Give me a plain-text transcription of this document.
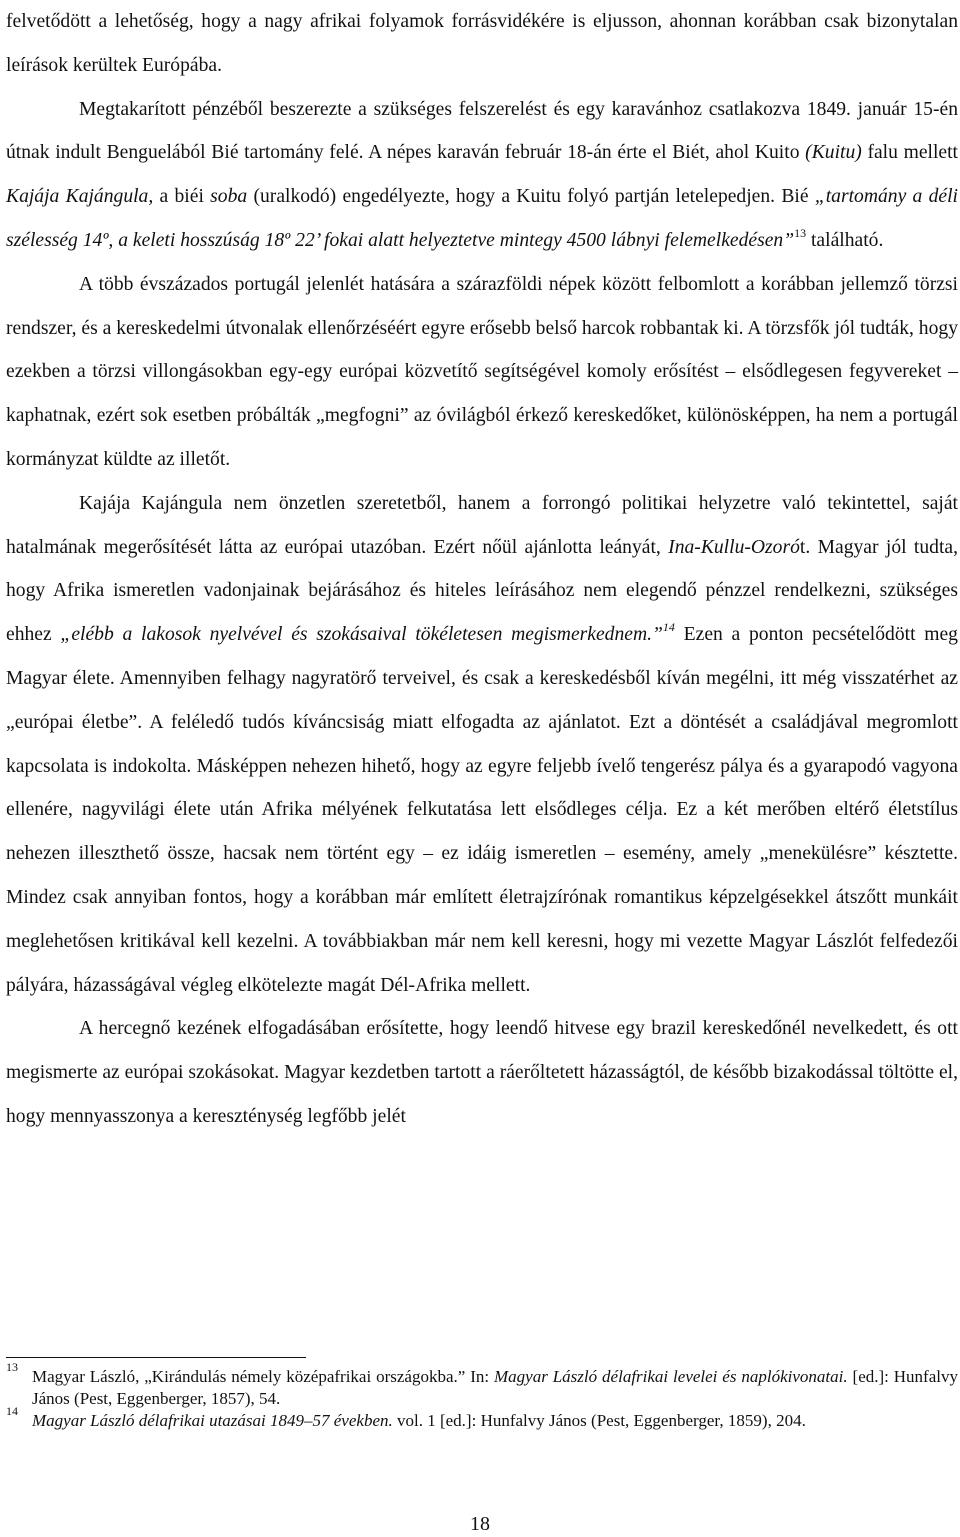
felvetődött a lehetőség, hogy a nagy afrikai folyamok forrásvidékére is eljusson, ahonnan korábban csak bizonytalan leírások kerültek Európába.

Megtakarított pénzéből beszerezte a szükséges felszerelést és egy karavánhoz csatlakozva 1849. január 15-én útnak indult Benguelából Bié tartomány felé. A népes karaván február 18-án érte el Biét, ahol Kuito (Kuitu) falu mellett Kajája Kajángula, a biéi soba (uralkodó) engedélyezte, hogy a Kuitu folyó partján letelepedjen. Bié „tartomány a déli szélesség 14º, a keleti hosszúság 18º 22’ fokai alatt helyeztetve mintegy 4500 lábnyi felemelkedésen”$^{13}$ található.

A több évszázados portugál jelenlét hatására a szárazföldi népek között felbomlott a korábban jellemző törzsi rendszer, és a kereskedelmi útvonalak ellenőrzéséért egyre erősebb belső harcok robbantak ki. A törzsfők jól tudták, hogy ezekben a törzsi villongásokban egy-egy európai közvetítő segítségével komoly erősítést – elsődlegesen fegyvereket – kaphatnak, ezért sok esetben próbálták „megfogni” az óvilágból érkező kereskedőket, különösképpen, ha nem a portugál kormányzat küldte az illetőt.

Kajája Kajángula nem önzetlen szeretetből, hanem a forrongó politikai helyzetre való tekintettel, saját hatalmának megerősítését látta az európai utazóban. Ezért nőül ajánlotta leányát, Ina-Kullu-Ozorót. Magyar jól tudta, hogy Afrika ismeretlen vadonjainak bejárásához és hiteles leírásához nem elegendő pénzzel rendelkezni, szükséges ehhez „elébb a lakosok nyelvével és szokásaival tökéletesen megismerkednem.”$^{14}$ Ezen a ponton pecsételődött meg Magyar élete. Amennyiben felhagy nagyratörő terveivel, és csak a kereskedésből kíván megélni, itt még visszatérhet az „európai életbe”. A feléledő tudós kíváncsiság miatt elfogadta az ajánlatot. Ezt a döntését a családjával megromlott kapcsolata is indokolta. Másképpen nehezen hihető, hogy az egyre feljebb ívelő tengerész pálya és a gyarapodó vagyona ellenére, nagyvilági élete után Afrika mélyének felkutatása lett elsődleges célja. Ez a két merőben eltérő életstílus nehezen illeszthető össze, hacsak nem történt egy – ez idáig ismeretlen – esemény, amely „menekülésre” késztette. Mindez csak annyiban fontos, hogy a korábban már említett életrajzírónak romantikus képzelgésekkel átszőtt munkáit meglehetősen kritikával kell kezelni. A továbbiakban már nem kell keresni, hogy mi vezette Magyar Lászlót felfedezői pályára, házasságával végleg elkötelezte magát Dél-Afrika mellett.

A hercegnő kezének elfogadásában erősítette, hogy leendő hitvese egy brazil kereskedőnél nevelkedett, és ott megismerte az európai szokásokat. Magyar kezdetben tartott a ráerőltetett házasságtól, de később bizakodással töltötte el, hogy mennyasszonya a kereszténység legfőbb jelét

13 Magyar László, „Kirándulás némely középafrikai országokba.” In: Magyar László délafrikai levelei és naplókivonatai. [ed.]: Hunfalvy János (Pest, Eggenberger, 1857), 54.
14 Magyar László délafrikai utazásai 1849–57 években. vol. 1 [ed.]: Hunfalvy János (Pest, Eggenberger, 1859), 204.
18
